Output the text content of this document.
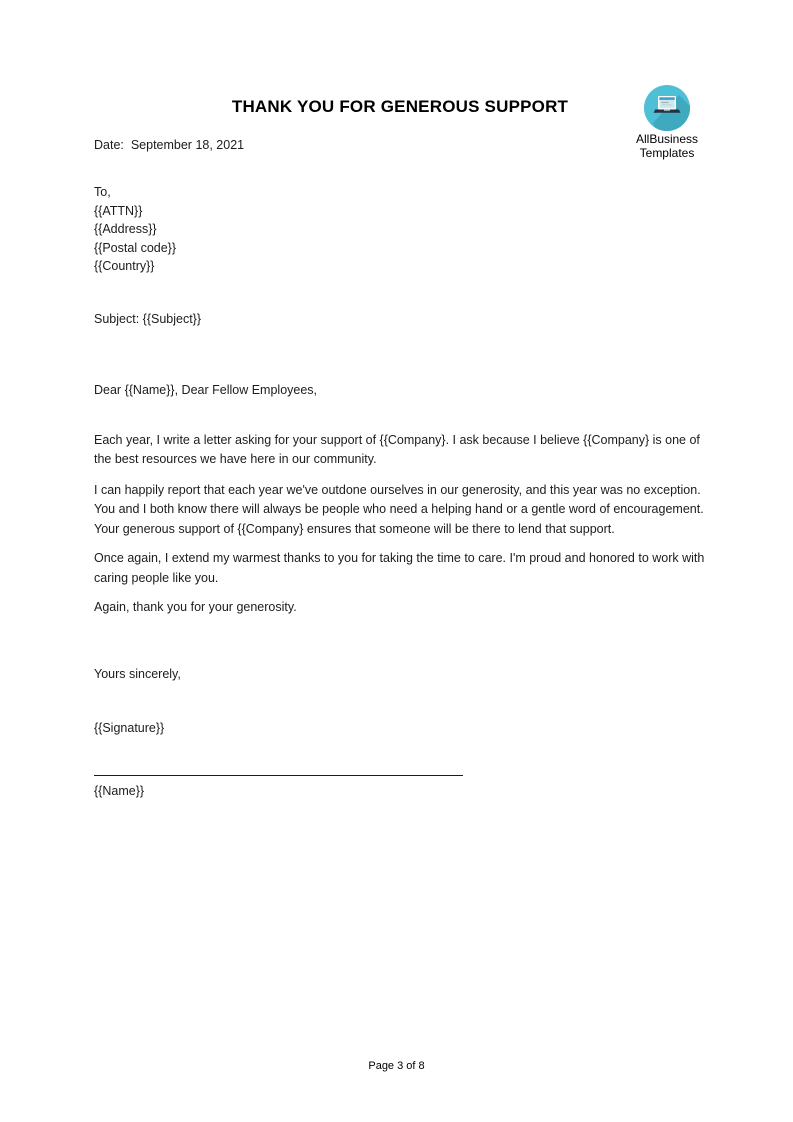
AllBusiness
Templates
THANK YOU FOR GENEROUS SUPPORT
Date:  September 18, 2021
To,
{{ATTN}}
{{Address}}
{{Postal code}}
{{Country}}
Subject: {{Subject}}
Dear {{Name}}, Dear Fellow Employees,

Each year, I write a letter asking for your support of {{Company}. I ask because I believe {{Company} is one of the best resources we have here in our community.

I can happily report that each year we've outdone ourselves in our generosity, and this year was no exception. You and I both know there will always be people who need a helping hand or a gentle word of encouragement. Your generous support of {{Company} ensures that someone will be there to lend that support.

Once again, I extend my warmest thanks to you for taking the time to care. I'm proud and honored to work with caring people like you.

Again, thank you for your generosity.

Yours sincerely,
{{Signature}}
{{Name}}
Page 3 of 8
